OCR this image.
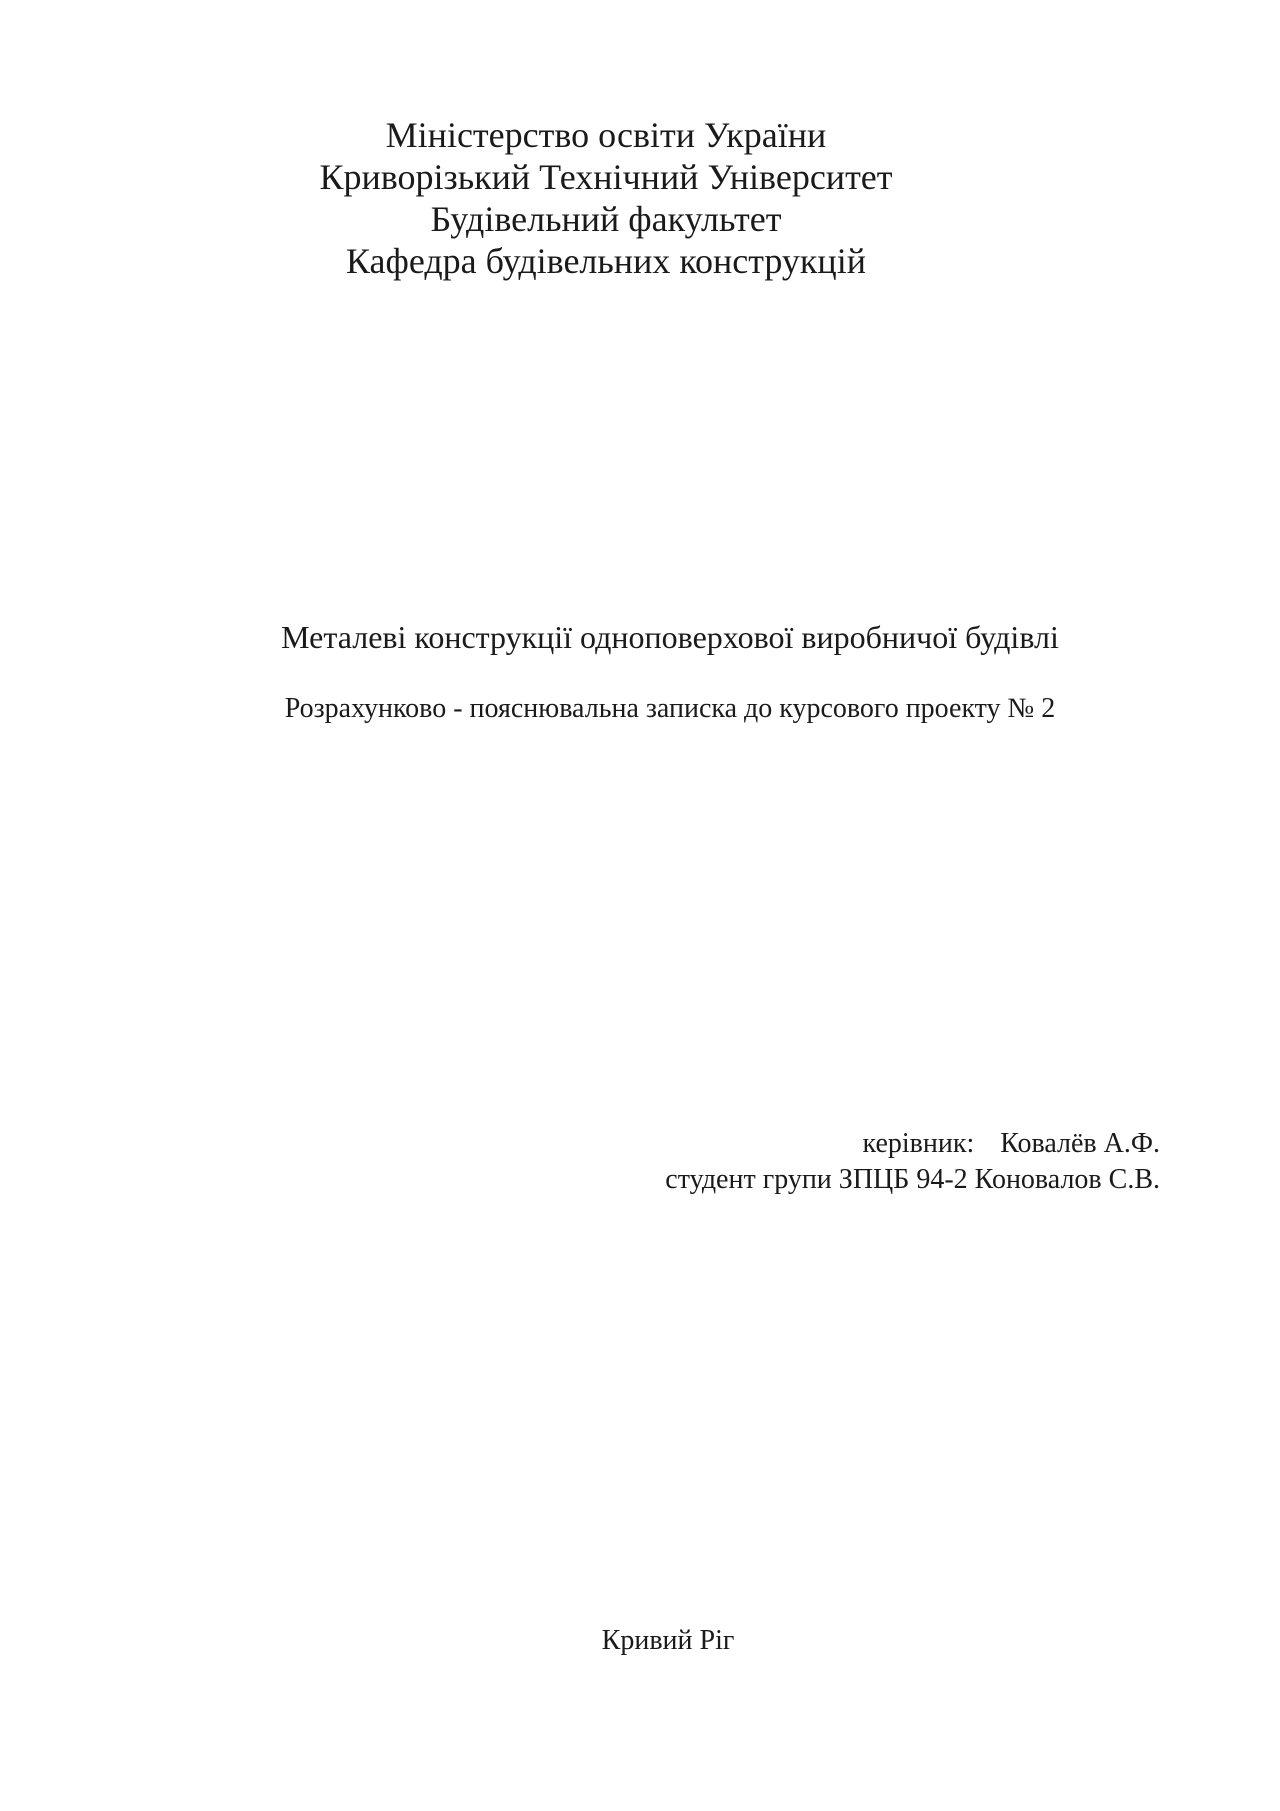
Міністерство освіти України
Криворізький Технічний Університет
Будівельний факультет
Кафедра будівельних конструкцій
Металеві конструкції одноповерхової виробничої будівлі
Розрахунково - пояснювальна записка до курсового проекту № 2
керівник: Ковалёв А.Ф.
студент групи ЗПЦБ 94-2 Коновалов С.В.
Кривий Ріг
